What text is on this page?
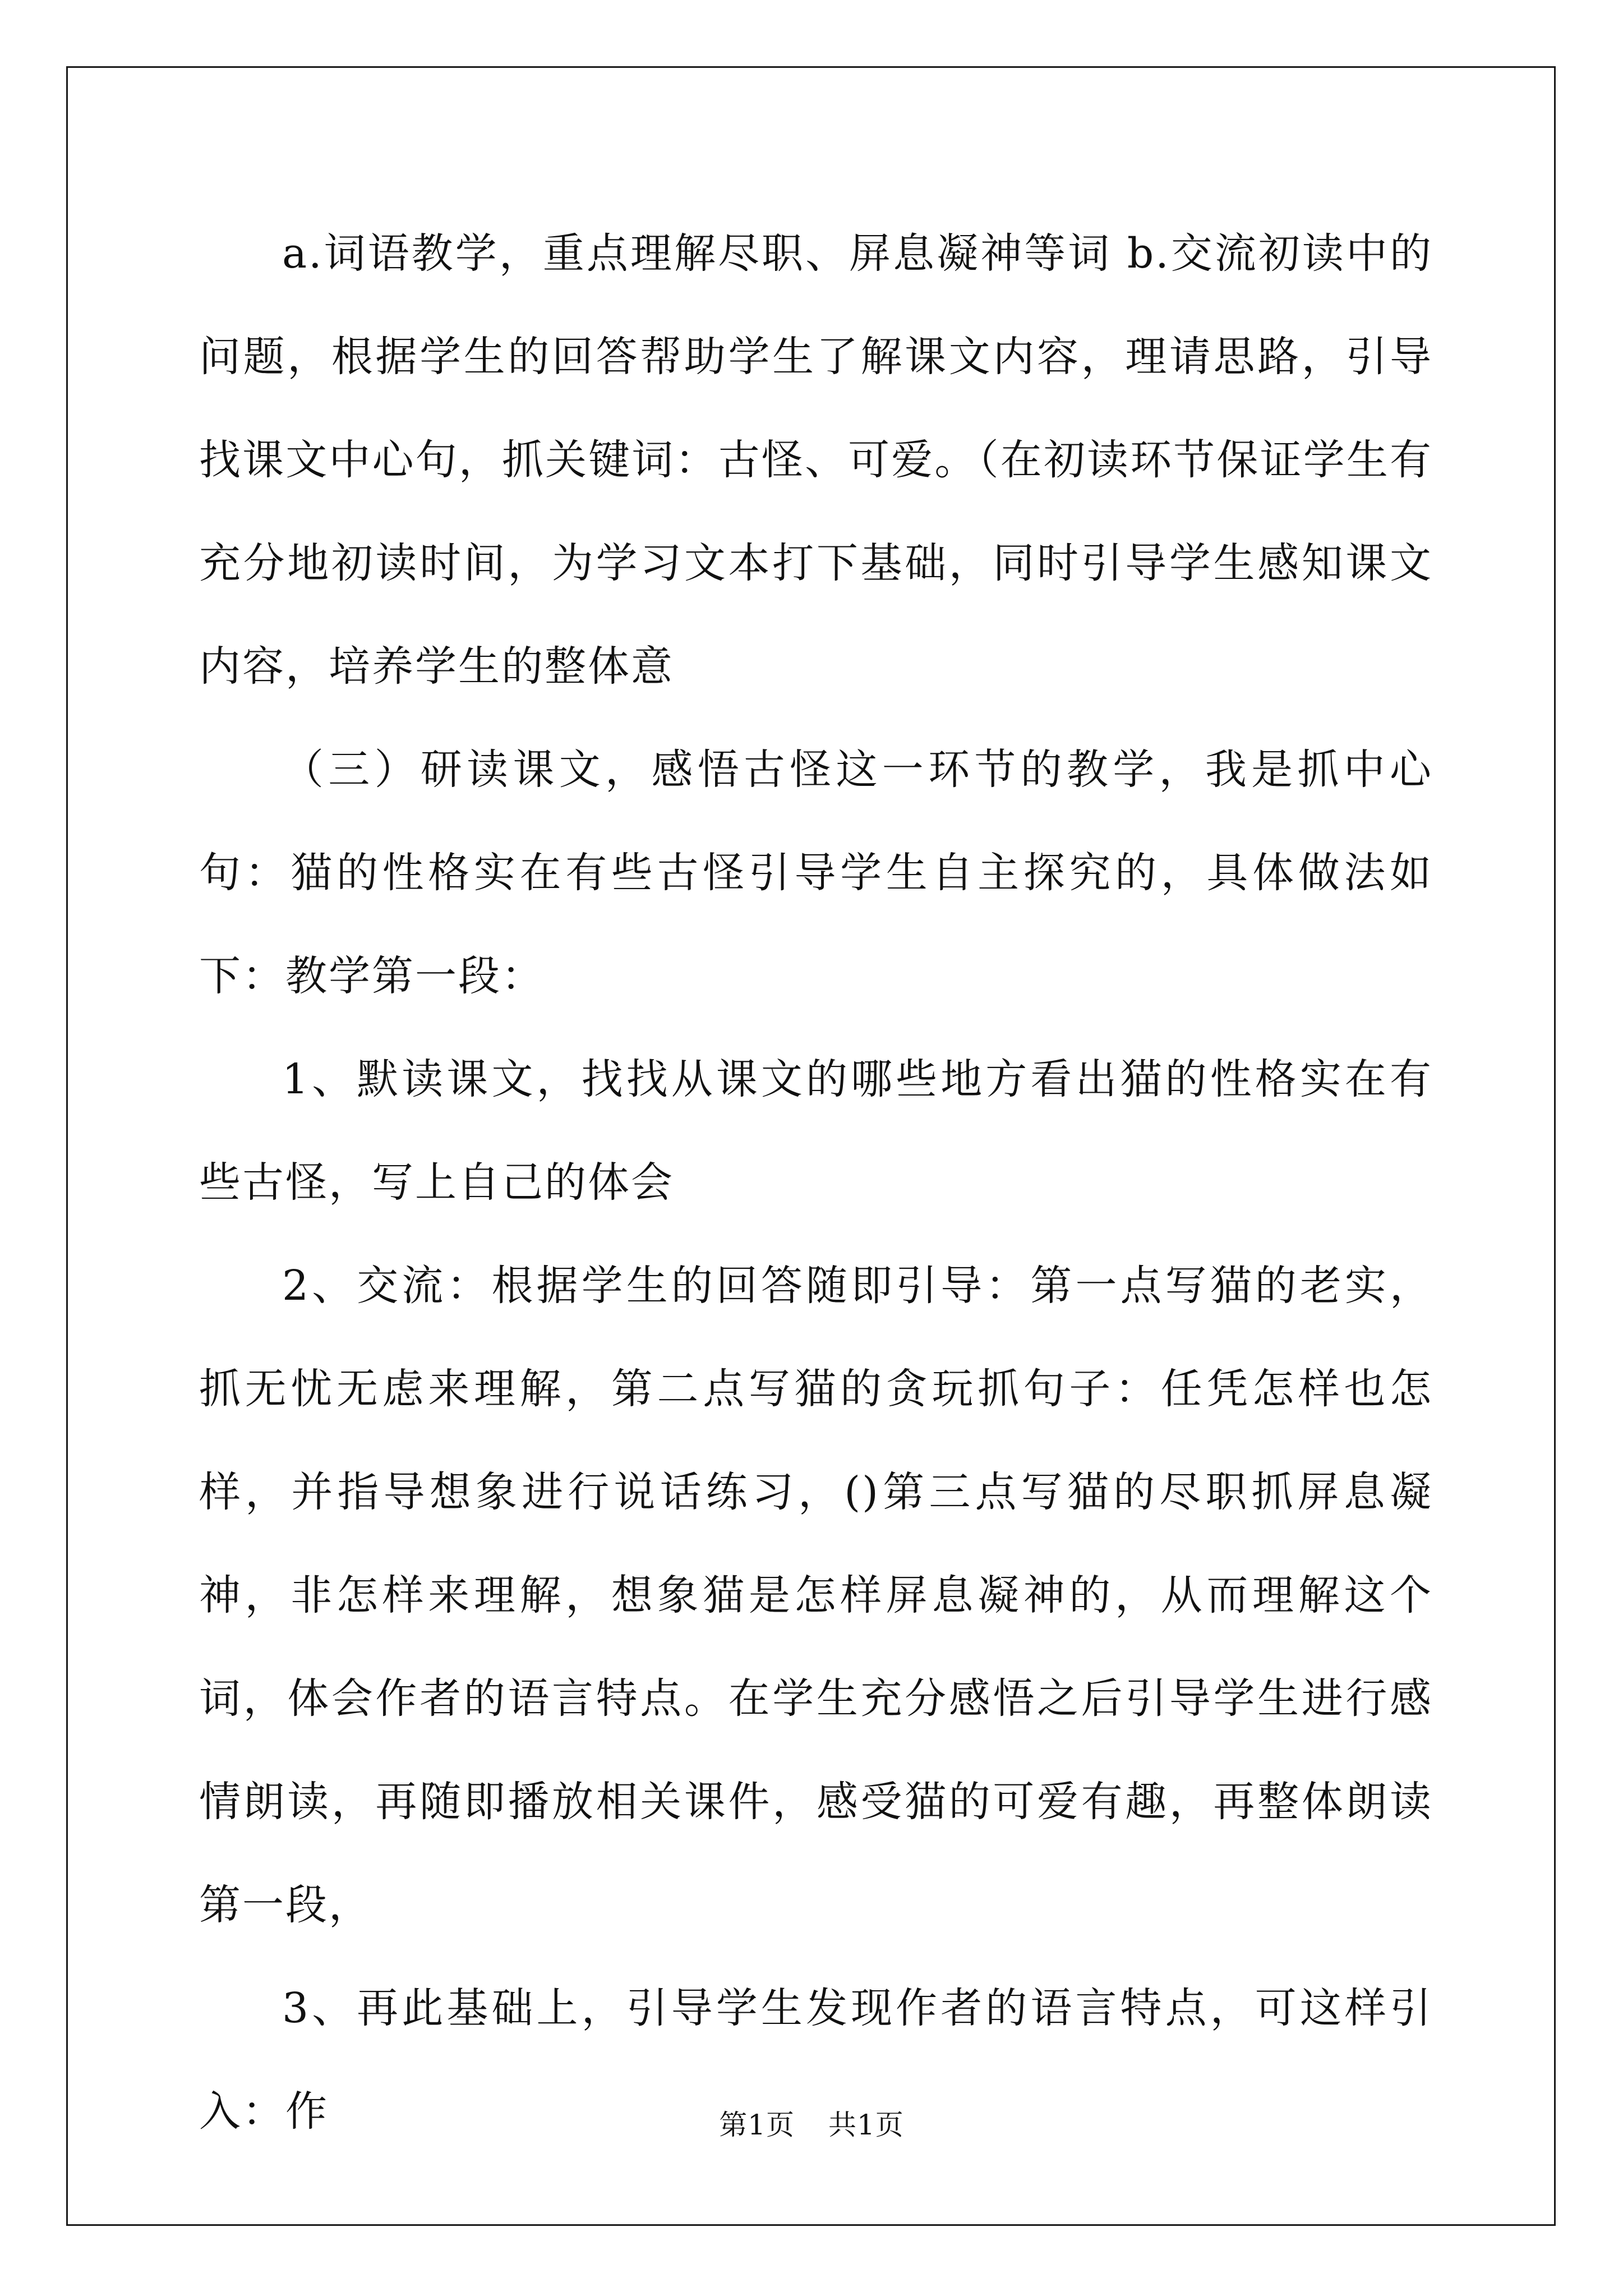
a.词语教学，重点理解尽职、屏息凝神等词 b.交流初读中的问题，根据学生的回答帮助学生了解课文内容，理请思路，引导找课文中心句，抓关键词：古怪、可爱。（在初读环节保证学生有充分地初读时间，为学习文本打下基础，同时引导学生感知课文内容，培养学生的整体意

（三）研读课文，感悟古怪这一环节的教学，我是抓中心句：猫的性格实在有些古怪引导学生自主探究的，具体做法如下：教学第一段：

1、默读课文，找找从课文的哪些地方看出猫的性格实在有些古怪，写上自己的体会

2、交流：根据学生的回答随即引导：第一点写猫的老实，抓无忧无虑来理解，第二点写猫的贪玩抓句子：任凭怎样也怎样，并指导想象进行说话练习，()第三点写猫的尽职抓屏息凝神，非怎样来理解，想象猫是怎样屏息凝神的，从而理解这个词，体会作者的语言特点。在学生充分感悟之后引导学生进行感情朗读，再随即播放相关课件，感受猫的可爱有趣，再整体朗读第一段，

3、再此基础上，引导学生发现作者的语言特点，可这样引入：作	第1页 共1页
